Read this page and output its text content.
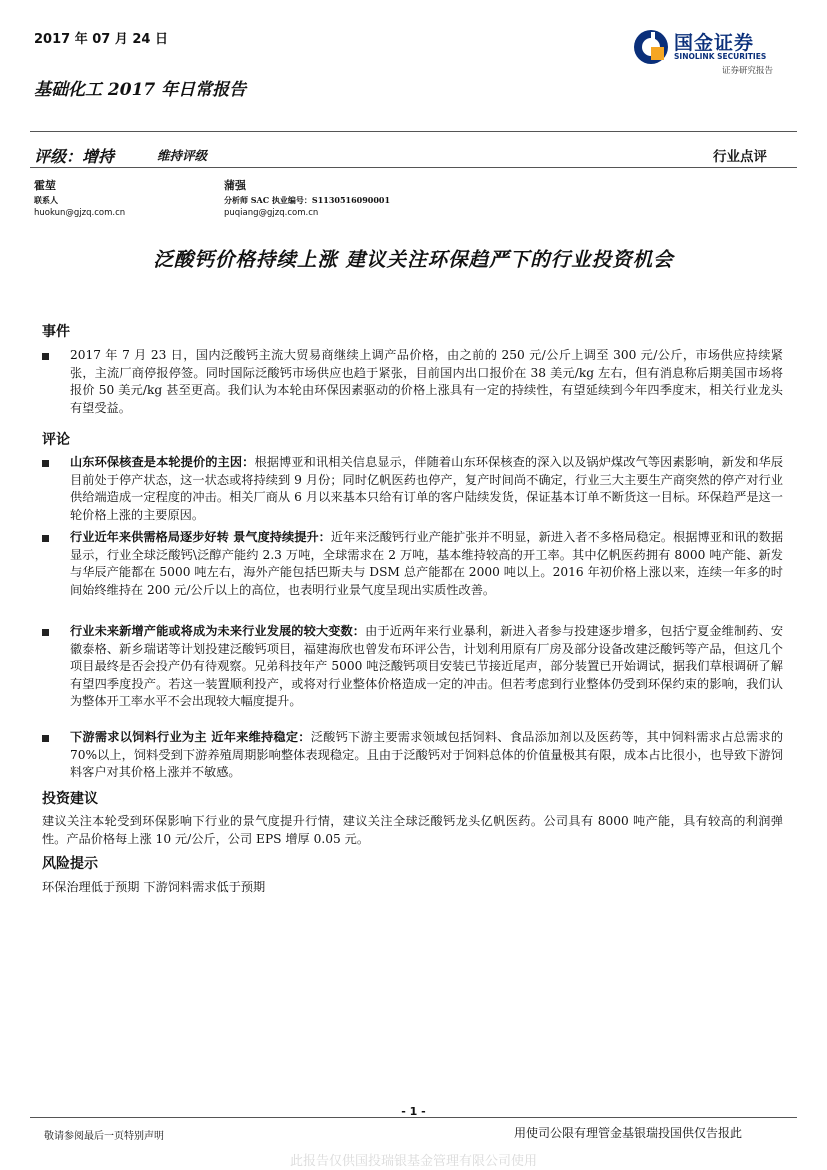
2017 年 07 月 24 日
基础化工 2017 年日常报告
国金证券
SINOLINK SECURITIES
证券研究报告
评级：增持	维持评级	行业点评
霍堃
联系人
huokun@gjzq.com.cn
蒲强
分析师 SAC 执业编号：S1130516090001
puqiang@gjzq.com.cn
泛酸钙价格持续上涨 建议关注环保趋严下的行业投资机会
事件
2017 年 7 月 23 日，国内泛酸钙主流大贸易商继续上调产品价格，由之前的 250 元/公斤上调至 300 元/公斤，市场供应持续紧张，主流厂商停报停签。同时国际泛酸钙市场供应也趋于紧张，目前国内出口报价在 38 美元/kg 左右，但有消息称后期美国市场将报价 50 美元/kg 甚至更高。我们认为本轮由环保因素驱动的价格上涨具有一定的持续性，有望延续到今年四季度末，相关行业龙头有望受益。
评论
山东环保核查是本轮提价的主因：根据博亚和讯相关信息显示，伴随着山东环保核查的深入以及锅炉煤改气等因素影响，新发和华辰目前处于停产状态，这一状态或将持续到 9 月份；同时亿帆医药也停产，复产时间尚不确定，行业三大主要生产商突然的停产对行业供给端造成一定程度的冲击。相关厂商从 6 月以来基本只给有订单的客户陆续发货，保证基本订单不断货这一目标。环保趋严是这一轮价格上涨的主要原因。
行业近年来供需格局逐步好转 景气度持续提升：近年来泛酸钙行业产能扩张并不明显，新进入者不多格局稳定。根据博亚和讯的数据显示，行业全球泛酸钙\泛醇产能约 2.3 万吨，全球需求在 2 万吨，基本维持较高的开工率。其中亿帆医药拥有 8000 吨产能、新发与华辰产能都在 5000 吨左右，海外产能包括巴斯夫与 DSM 总产能都在 2000 吨以上。2016 年初价格上涨以来，连续一年多的时间始终维持在 200 元/公斤以上的高位，也表明行业景气度呈现出实质性改善。
行业未来新增产能或将成为未来行业发展的较大变数：由于近两年来行业暴利，新进入者参与投建逐步增多，包括宁夏金维制药、安徽泰格、新乡瑞诺等计划投建泛酸钙项目，福建海欣也曾发布环评公告，计划利用原有厂房及部分设备改建泛酸钙等产品，但这几个项目最终是否会投产仍有待观察。兄弟科技年产 5000 吨泛酸钙项目安装已节接近尾声，部分装置已开始调试，据我们草根调研了解有望四季度投产。若这一装置顺利投产，或将对行业整体价格造成一定的冲击。但若考虑到行业整体仍受到环保约束的影响，我们认为整体开工率水平不会出现较大幅度提升。
下游需求以饲料行业为主 近年来维持稳定：泛酸钙下游主要需求领域包括饲料、食品添加剂以及医药等，其中饲料需求占总需求的 70%以上，饲料受到下游养殖周期影响整体表现稳定。且由于泛酸钙对于饲料总体的价值量极其有限，成本占比很小，也导致下游饲料客户对其价格上涨并不敏感。
投资建议
建议关注本轮受到环保影响下行业的景气度提升行情，建议关注全球泛酸钙龙头亿帆医药。公司具有 8000 吨产能，具有较高的利润弹性。产品价格每上涨 10 元/公斤，公司 EPS 增厚 0.05 元。
风险提示
环保治理低于预期 下游饲料需求低于预期
- 1 -
敬请参阅最后一页特别声明	用使司公限有理管金基银瑞投国供仅告报此
此报告仅供国投瑞银基金管理有限公司使用
